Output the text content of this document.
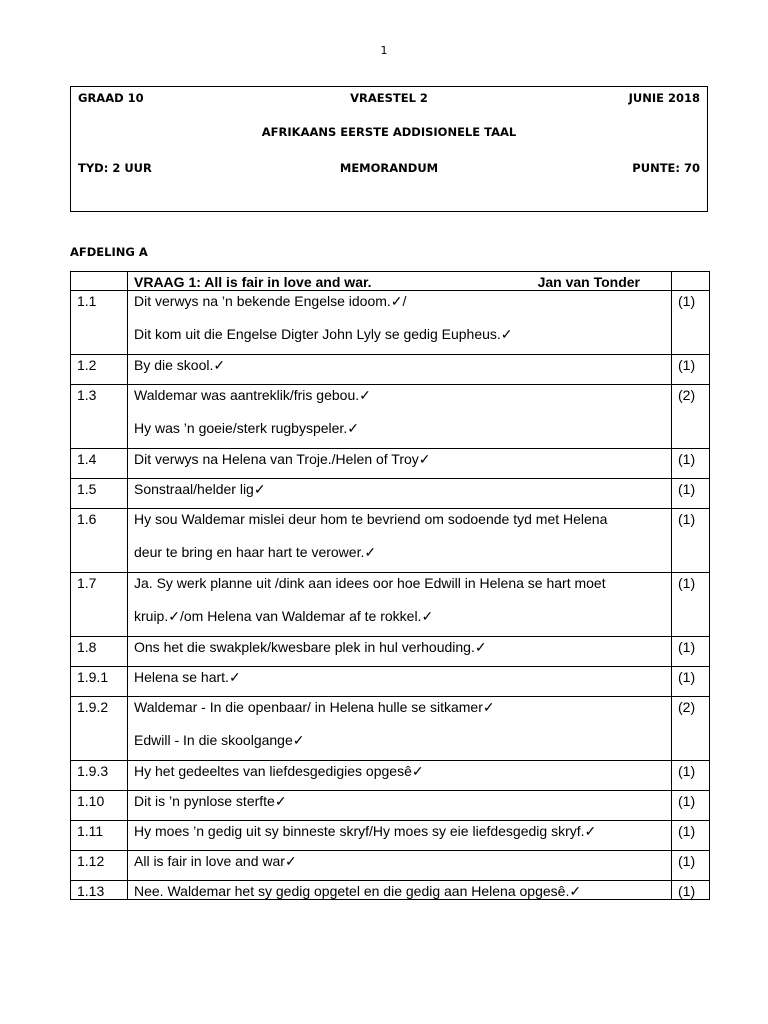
1
GRAAD 10	VRAESTEL 2	JUNIE 2018
AFRIKAANS EERSTE ADDISIONELE TAAL
TYD: 2 UUR	MEMORANDUM	PUNTE: 70
AFDELING A
	VRAAG 1: All is fair in love and war. Jan van Tonder	

1.1	Dit verwys na ’n bekende Engelse idoom.✓/
Dit kom uit die Engelse Digter John Lyly se gedig Eupheus.✓	(1)
1.2	By die skool.✓	(1)
1.3	Waldemar was aantreklik/fris gebou.✓
Hy was ’n goeie/sterk rugbyspeler.✓	(2)
1.4	Dit verwys na Helena van Troje./Helen of Troy✓	(1)
1.5	Sonstraal/helder lig✓	(1)
1.6	Hy sou Waldemar mislei deur hom te bevriend om sodoende tyd met Helena
deur te bring en haar hart te verower.✓	(1)
1.7	Ja. Sy werk planne uit /dink aan idees oor hoe Edwill in Helena se hart moet
kruip.✓/om Helena van Waldemar af te rokkel.✓	(1)
1.8	Ons het die swakplek/kwesbare plek in hul verhouding.✓	(1)
1.9.1	Helena se hart.✓	(1)
1.9.2	Waldemar - In die openbaar/ in Helena hulle se sitkamer✓
Edwill - In die skoolgange✓	(2)
1.9.3	Hy het gedeeltes van liefdesgedigies opgesê✓	(1)
1.10	Dit is ’n pynlose sterfte✓	(1)
1.11	Hy moes ’n gedig uit sy binneste skryf/Hy moes sy eie liefdesgedig skryf.✓	(1)
1.12	All is fair in love and war✓	(1)
1.13	Nee. Waldemar het sy gedig opgetel en die gedig aan Helena opgesê.✓	(1)
